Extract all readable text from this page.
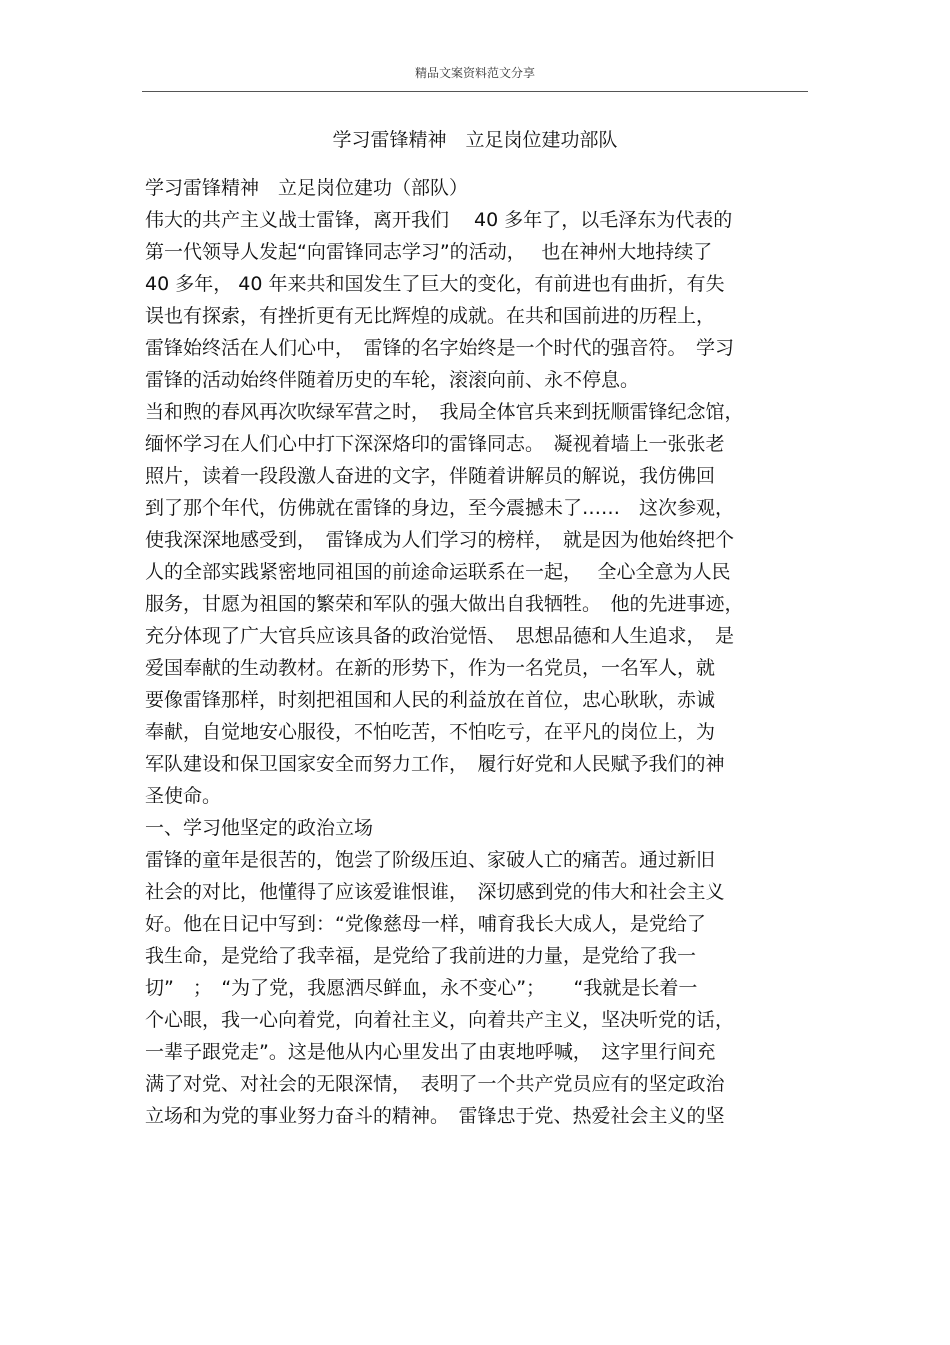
精品文案资料范文分享
学习雷锋精神　立足岗位建功部队
学习雷锋精神　立足岗位建功（部队）
伟大的共产主义战士雷锋，离开我们　 40 多年了，以毛泽东为代表的
第一代领导人发起“向雷锋同志学习”的活动，　 也在神州大地持续了
40 多年， 40 年来共和国发生了巨大的变化，有前进也有曲折，有失
误也有探索，有挫折更有无比辉煌的成就。在共和国前进的历程上，
雷锋始终活在人们心中，　雷锋的名字始终是一个时代的强音符。　学习
雷锋的活动始终伴随着历史的车轮，滚滚向前、永不停息。
当和煦的春风再次吹绿军营之时，　我局全体官兵来到抚顺雷锋纪念馆，
缅怀学习在人们心中打下深深烙印的雷锋同志。　凝视着墙上一张张老
照片，读着一段段激人奋进的文字，伴随着讲解员的解说，我仿佛回
到了那个年代，仿佛就在雷锋的身边，至今震撼未了……　这次参观，
使我深深地感受到，　雷锋成为人们学习的榜样，　就是因为他始终把个
人的全部实践紧密地同祖国的前途命运联系在一起，　 全心全意为人民
服务，甘愿为祖国的繁荣和军队的强大做出自我牺牲。　他的先进事迹，
充分体现了广大官兵应该具备的政治觉悟、　思想品德和人生追求，　是
爱国奉献的生动教材。在新的形势下，作为一名党员，一名军人，就
要像雷锋那样，时刻把祖国和人民的利益放在首位，忠心耿耿，赤诚
奉献，自觉地安心服役，不怕吃苦，不怕吃亏，在平凡的岗位上，为
军队建设和保卫国家安全而努力工作，　履行好党和人民赋予我们的神
圣使命。
一、学习他坚定的政治立场
雷锋的童年是很苦的，饱尝了阶级压迫、家破人亡的痛苦。通过新旧
社会的对比，他懂得了应该爱谁恨谁，　深切感到党的伟大和社会主义
好。他在日记中写到：“党像慈母一样，哺育我长大成人，是党给了
我生命，是党给了我幸福，是党给了我前进的力量，是党给了我一
切”　；　“为了党，我愿洒尽鲜血，永不变心”；　　“我就是长着一
个心眼，我一心向着党，向着社主义，向着共产主义，坚决听党的话，
一辈子跟党走”。这是他从内心里发出了由衷地呼喊，　这字里行间充
满了对党、对社会的无限深情，　表明了一个共产党员应有的坚定政治
立场和为党的事业努力奋斗的精神。　雷锋忠于党、热爱社会主义的坚
